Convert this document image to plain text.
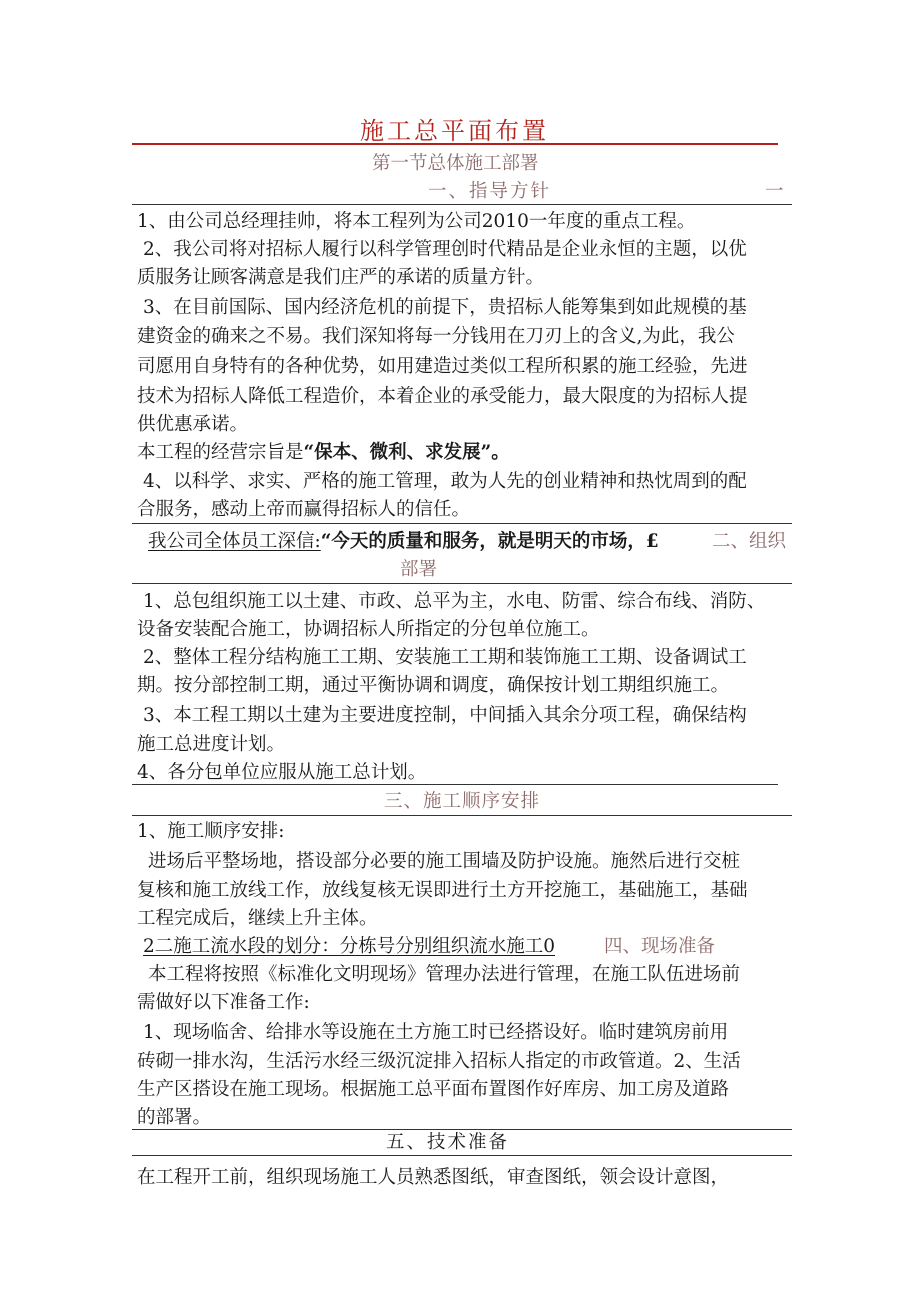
施工总平面布置
第一节总体施工部署
一、指导方针	一
1、由公司总经理挂帅，将本工程列为公司2010一年度的重点工程。
2、我公司将对招标人履行以科学管理创时代精品是企业永恒的主题，以优
质服务让顾客满意是我们庄严的承诺的质量方针。
3、在目前国际、国内经济危机的前提下，贵招标人能筹集到如此规模的基
建资金的确来之不易。我们深知将每一分钱用在刀刃上的含义,为此，我公
司愿用自身特有的各种优势，如用建造过类似工程所积累的施工经验，先进
技术为招标人降低工程造价，本着企业的承受能力，最大限度的为招标人提
供优惠承诺。
本工程的经营宗旨是“保本、微利、求发展”。
4、以科学、求实、严格的施工管理，敢为人先的创业精神和热忱周到的配
合服务，感动上帝而赢得招标人的信任。
我公司全体员工深信:“今天的质量和服务，就是明天的市场，£	二、组织
部署
1、总包组织施工以土建、市政、总平为主，水电、防雷、综合布线、消防、
设备安装配合施工，协调招标人所指定的分包单位施工。
2、整体工程分结构施工工期、安装施工工期和装饰施工工期、设备调试工
期。按分部控制工期，通过平衡协调和调度，确保按计划工期组织施工。
3、本工程工期以土建为主要进度控制，中间插入其余分项工程，确保结构
施工总进度计划。
4、各分包单位应服从施工总计划。
三、施工顺序安排
1、施工顺序安排:
进场后平整场地，搭设部分必要的施工围墙及防护设施。施然后进行交桩
复核和施工放线工作，放线复核无误即进行土方开挖施工，基础施工，基础
工程完成后，继续上升主体。
2二施工流水段的划分：分栋号分别组织流水施工0	四、现场准备
本工程将按照《标准化文明现场》管理办法进行管理，在施工队伍进场前
需做好以下准备工作:
1、现场临舍、给排水等设施在土方施工时已经搭设好。临时建筑房前用
砖砌一排水沟，生活污水经三级沉淀排入招标人指定的市政管道。2、生活
生产区搭设在施工现场。根据施工总平面布置图作好库房、加工房及道路
的部署。
五、技术准备
在工程开工前，组织现场施工人员熟悉图纸，审查图纸，领会设计意图，
